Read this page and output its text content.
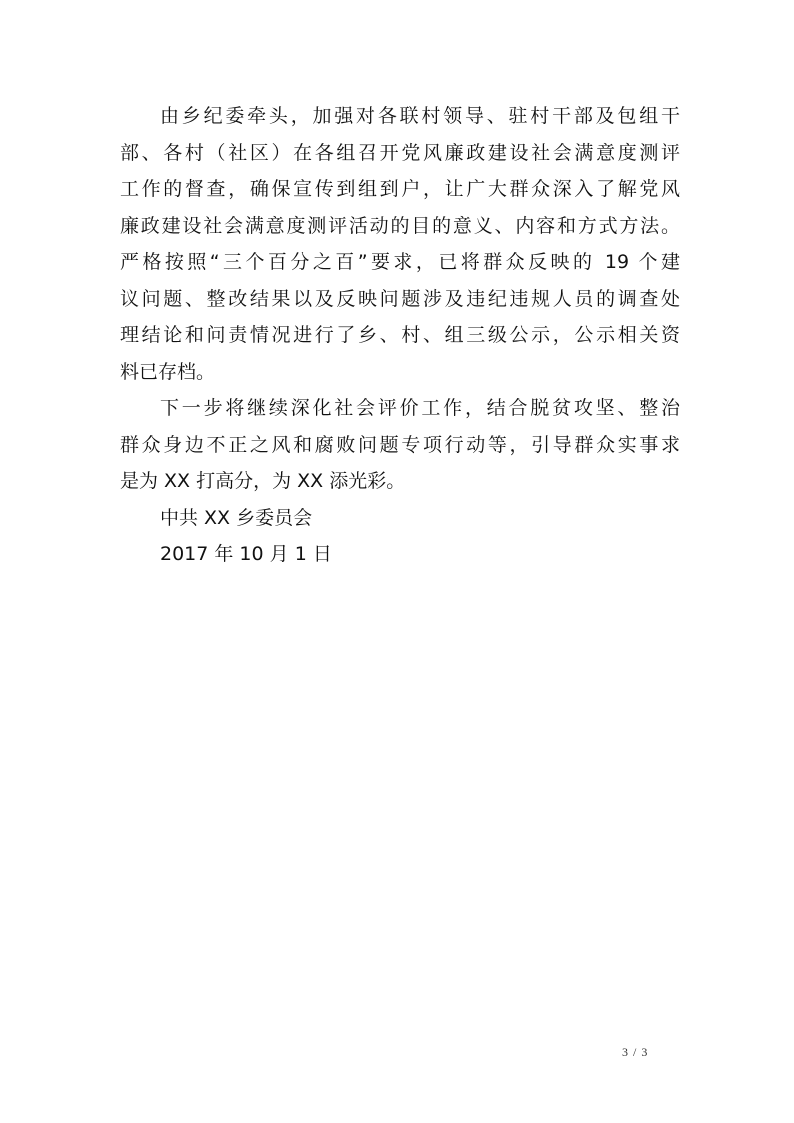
由乡纪委牵头，加强对各联村领导、驻村干部及包组干
部、各村（社区）在各组召开党风廉政建设社会满意度测评
工作的督查，确保宣传到组到户，让广大群众深入了解党风
廉政建设社会满意度测评活动的目的意义、内容和方式方法。
严格按照“三个百分之百”要求，已将群众反映的 19 个建
议问题、整改结果以及反映问题涉及违纪违规人员的调查处
理结论和问责情况进行了乡、村、组三级公示，公示相关资
料已存档。
下一步将继续深化社会评价工作，结合脱贫攻坚、整治
群众身边不正之风和腐败问题专项行动等，引导群众实事求
是为 XX 打高分，为 XX 添光彩。

中共 XX 乡委员会

2017 年 10 月 1 日

3 / 3
